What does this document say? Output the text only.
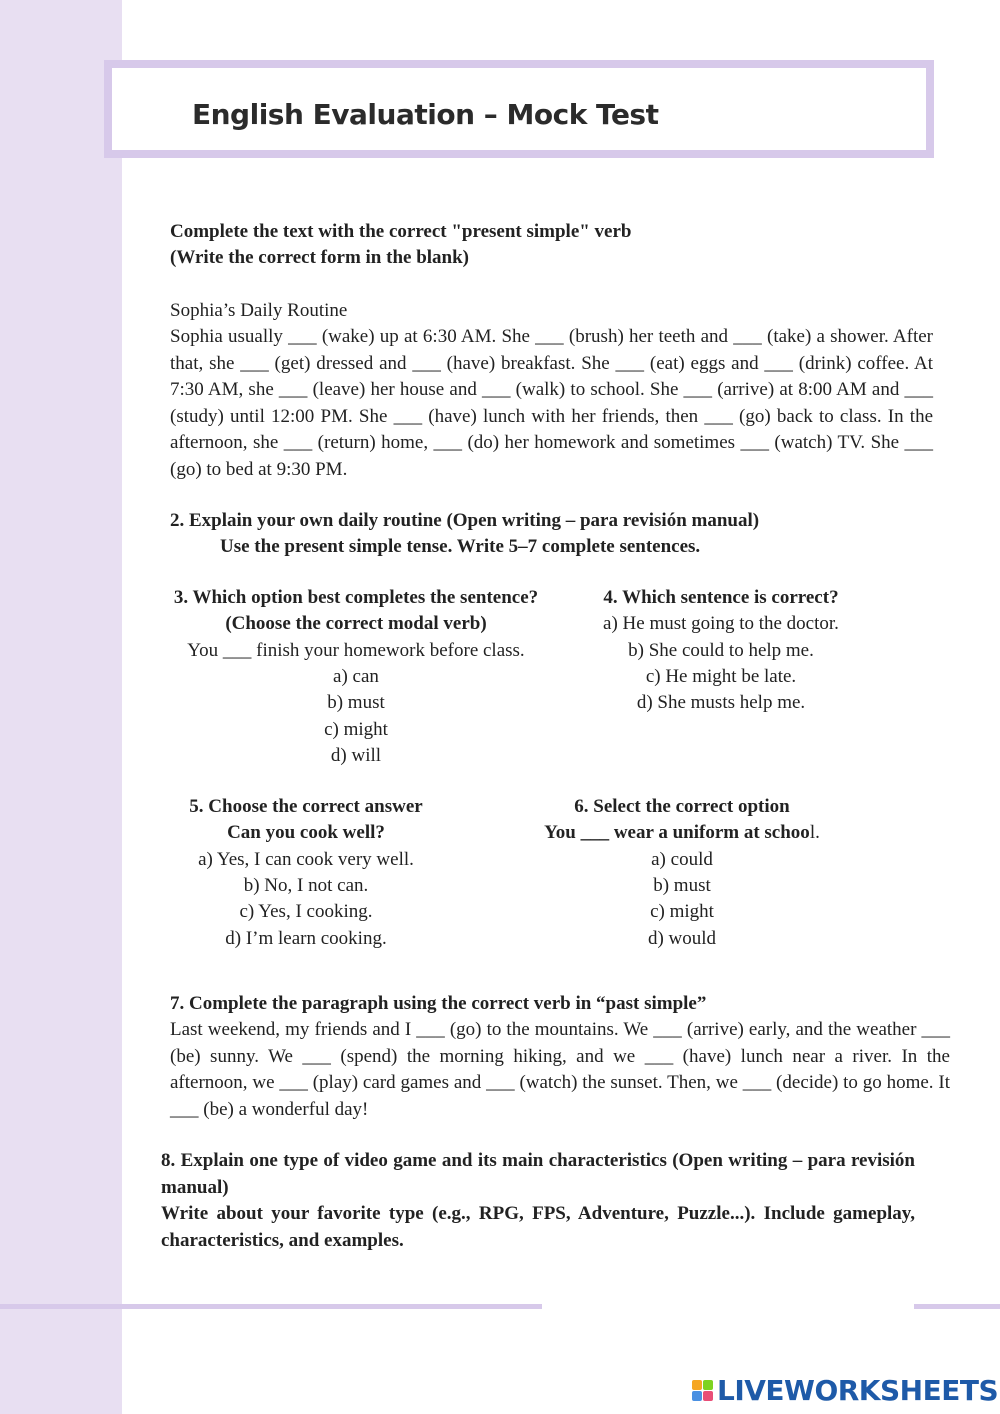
English Evaluation – Mock Test
Complete the text with the correct "present simple" verb
(Write the correct form in the blank)
Sophia’s Daily Routine

Sophia usually ___ (wake) up at 6:30 AM. She ___ (brush) her teeth and ___ (take) a shower. After that, she ___ (get) dressed and ___ (have) breakfast. She ___ (eat) eggs and ___ (drink) coffee. At 7:30 AM, she ___ (leave) her house and ___ (walk) to school. She ___ (arrive) at 8:00 AM and ___ (study) until 12:00 PM. She ___ (have) lunch with her friends, then ___ (go) back to class. In the afternoon, she ___ (return) home, ___ (do) her homework and sometimes ___ (watch) TV. She ___ (go) to bed at 9:30 PM.

2. Explain your own daily routine (Open writing – para revisión manual)
Use the present simple tense. Write 5–7 complete sentences.
3. Which option best completes the sentence?
(Choose the correct modal verb)
You ___ finish your homework before class.
a) can
b) must
c) might
d) will
4. Which sentence is correct?
a) He must going to the doctor.
b) She could to help me.
c) He might be late.
d) She musts help me.
5. Choose the correct answer
Can you cook well?
a) Yes, I can cook very well.
b) No, I not can.
c) Yes, I cooking.
d) I’m learn cooking.
6. Select the correct option
You ___ wear a uniform at school.
a) could
b) must
c) might
d) would
7. Complete the paragraph using the correct verb in “past simple”

Last weekend, my friends and I ___ (go) to the mountains. We ___ (arrive) early, and the weather ___ (be) sunny. We ___ (spend) the morning hiking, and we ___ (have) lunch near a river. In the afternoon, we ___ (play) card games and ___ (watch) the sunset. Then, we ___ (decide) to go home. It ___ (be) a wonderful day!

8. Explain one type of video game and its main characteristics (Open writing – para revisión manual)

Write about your favorite type (e.g., RPG, FPS, Adventure, Puzzle...). Include gameplay, characteristics, and examples.

LIVEWORKSHEETS
